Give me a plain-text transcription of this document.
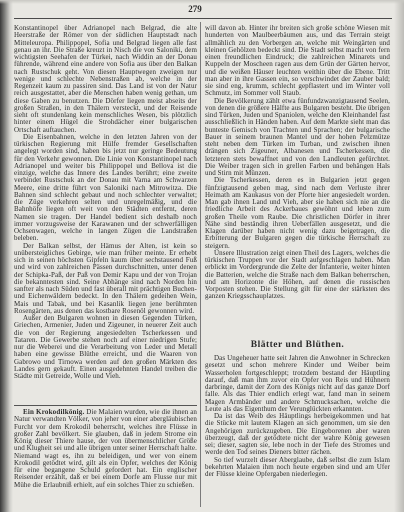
279

Konstantinopel über Adrianopel nach Belgrad, die alte Heerstraße der Römer von der südlichen Hauptstadt nach Mitteleuropa. Philippopel, Sofia und Belgrad liegen alle fast genau an ihr. Die Straße kreuzt in Nisch die von Saloniki, dem wichtigsten Seehafen der Türkei, nach Widdin an der Donau führende, während eine andere von Sofia aus über den Balkan nach Rustschuk geht. Von diesen Hauptwegen zweigen nur wenige und schlechte Nebenstraßen ab, welche in der Regenzeit kaum zu passiren sind. Das Land ist von der Natur reich ausgestattet, aber die Menschen haben wenig gethan, um diese Gaben zu benutzen. Die Dörfer liegen meist abseits der großen Straßen, in den Thälern versteckt, und der Reisende sieht oft stundenlang kein menschliches Wesen, bis plötzlich hinter einem Hügel die Strohdächer einer bulgarischen Ortschaft auftauchen.

Die Eisenbahnen, welche in den letzten Jahren von der türkischen Regierung mit Hülfe fremder Gesellschaften angelegt worden sind, haben bis jetzt nur geringe Bedeutung für den Verkehr gewonnen. Die Linie von Konstantinopel nach Adrianopel und weiter bis Philippopel und Bellova ist die einzige, welche das Innere des Landes berührt; eine zweite verbindet Rustschuk an der Donau mit Varna am Schwarzen Meere, eine dritte führt von Saloniki nach Mitrowitza. Die Bahnen sind schlecht gebaut und noch schlechter verwaltet; die Züge verkehren selten und unregelmäßig, und die Bahnhöfe liegen oft weit von den Städten entfernt, deren Namen sie tragen. Der Handel bedient sich deshalb noch immer vorzugsweise der Karawanen und der schwerfälligen Ochsenwagen, welche in langen Zügen die Landstraßen beleben.

Der Balkan selbst, der Hämus der Alten, ist kein so unübersteigliches Gebirge, wie man früher meinte. Er erhebt sich in seinen höchsten Gipfeln kaum über sechstausend Fuß und wird von zahlreichen Pässen durchschnitten, unter denen der Schipka-Paß, der Paß von Demir Kapu und der von Trojan die bekanntesten sind. Seine Abhänge sind nach Norden hin sanfter als nach Süden und fast überall mit prächtigen Buchen- und Eichenwäldern bedeckt. In den Thälern gedeihen Wein, Mais und Tabak, und bei Kasanlik liegen jene berühmten Rosengärten, aus denen das kostbare Rosenöl gewonnen wird.

Außer den Bulgaren wohnen in diesen Gegenden Türken, Griechen, Armenier, Juden und Zigeuner, in neuerer Zeit auch die von der Regierung angesiedelten Tscherkessen und Tataren. Die Gewerbe stehen noch auf einer niedrigen Stufe; nur die Weberei und die Verarbeitung von Leder und Metall haben eine gewisse Blüthe erreicht, und die Waaren von Gabrowo und Tirnowa werden auf den großen Märkten des Landes gern gekauft. Einen ausgedehnten Handel treiben die Städte mit Getreide, Wolle und Vieh.

Ein Krokodilkönig. Die Malaien wurden, wie die ihnen an Natur verwandten Völker, von jeher von einer abergläubischen Furcht vor dem Krokodil beherrscht, welches ihre Flüsse in großer Zahl bevölkert. Sie glauben, daß in jedem Strome ein König dieser Thiere hause, der von übermenschlicher Größe und Klugheit sei und alle übrigen unter seiner Herrschaft halte. Niemand wagt es, ihn zu beleidigen, und wer von einem Krokodil getödtet wird, gilt als ein Opfer, welches der König für eine begangene Schuld gefordert hat. Ein englischer Reisender erzählt, daß er bei einem Dorfe am Flusse nur mit Mühe die Erlaubniß erhielt, auf ein solches Thier zu schießen.

will davon ab. Hinter ihr breiten sich große schöne Wiesen mit hunderten von Maulbeerbäumen aus, und das Terrain steigt allmählich zu den Vorbergen an, welche mit Weingärten und kleinen Gehölzen bedeckt sind. Die Stadt selbst macht von fern einen freundlichen Eindruck; die zahlreichen Minarets und Kuppeln der Moscheen ragen aus dem Grün der Gärten hervor, und die weißen Häuser leuchten weithin über die Ebene. Tritt man aber in ihre Gassen ein, so verschwindet der Zauber bald; sie sind eng, krumm, schlecht gepflastert und im Winter voll Schmutz, im Sommer voll Staub.

Die Bevölkerung zählt etwa fünfundzwanzigtausend Seelen, von denen die größere Hälfte aus Bulgaren besteht. Die übrigen sind Türken, Juden und Spaniolen, welche den Kleinhandel fast ausschließlich in Händen haben. Auf dem Markte sieht man das bunteste Gemisch von Trachten und Sprachen; der bulgarische Bauer in seinem braunen Mantel und der hohen Pelzmütze steht neben dem Türken im Turban, und zwischen ihnen drängen sich Zigeuner, Albanesen und Tscherkessen, die letzteren stets bewaffnet und von den Landleuten gefürchtet. Die Weiber tragen sich in grellen Farben und behängen Hals und Stirn mit Münzen.

Die Tscherkessen, deren es in Bulgarien jetzt gegen fünfzigtausend geben mag, sind nach dem Verluste ihrer Heimath am Kaukasus von der Pforte hier angesiedelt worden. Man gab ihnen Land und Vieh, aber sie haben sich nie an die friedliche Arbeit des Ackerbaues gewöhnt und leben zum großen Theile vom Raube. Die christlichen Dörfer in ihrer Nähe sind beständig ihren Ueberfällen ausgesetzt, und die Klagen darüber haben nicht wenig dazu beigetragen, die Erbitterung der Bulgaren gegen die türkische Herrschaft zu steigern.

Unsere Illustration zeigt einen Theil des Lagers, welches die türkischen Truppen vor der Stadt aufgeschlagen haben. Man erblickt im Vordergrunde die Zelte der Infanterie, weiter hinten die Batterien, welche die Straße nach dem Balkan beherrschen, und am Horizonte die Höhen, auf denen die russischen Vorposten stehen. Die Stellung gilt für eine der stärksten des ganzen Kriegsschauplatzes.

Blätter und Blüthen.

Das Ungeheuer hatte seit Jahren die Anwohner in Schrecken gesetzt und schon mehrere Kinder und Weiber beim Wasserholen fortgeschleppt; trotzdem bestand der Häuptling darauf, daß man ihm zuvor ein Opfer von Reis und Hühnern darbringe, damit der Zorn des Königs nicht auf das ganze Dorf falle. Als das Thier endlich erlegt war, fand man in seinem Magen Armbänder und andere Schmucksachen, welche die Leute als das Eigenthum der Verunglückten erkannten.

Da ist das Weib des Häuptlings herbeigekommen und hat die Stücke mit lautem Klagen an sich genommen, um sie den Angehörigen zurückzugeben. Die Eingeborenen aber waren überzeugt, daß der getödtete nicht der wahre König gewesen sei; dieser, sagten sie, lebe noch in der Tiefe des Stromes und werde den Tod seines Dieners bitter rächen.

So tief wurzelt dieser Aberglaube, daß selbst die zum Islam bekehrten Malaien ihm noch heute ergeben sind und am Ufer der Flüsse kleine Opfergaben niederlegen.
